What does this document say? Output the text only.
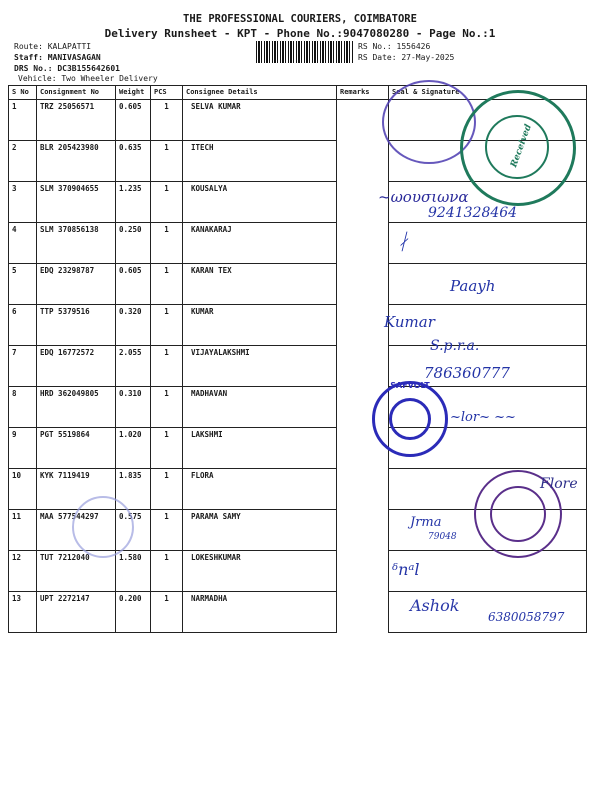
THE PROFESSIONAL COURIERS, COIMBATORE
Delivery Runsheet - KPT - Phone No.:9047080280 - Page No.:1
Route: KALAPATTI
Staff: MANIVASAGAN
DRS No.: DC3B155642601
Vehicle: Two Wheeler Delivery
RS No.: 1556426
RS Date: 27-May-2025
S No	Consignment No	Weight	PCS	Consignee Details	Remarks	Seal & Signature
1	TRZ 25056571	0.605	1	SELVA KUMAR		
2	BLR 205423980	0.635	1	ITECH		
3	SLM 370904655	1.235	1	KOUSALYA		
4	SLM 370856138	0.250	1	KANAKARAJ		
5	EDQ 23298787	0.605	1	KARAN TEX		
6	TTP 5379516	0.320	1	KUMAR		
7	EDQ 16772572	2.055	1	VIJAYALAKSHMI		
8	HRD 362049805	0.310	1	MADHAVAN		
9	PGT 5519864	1.020	1	LAKSHMI		
10	KYK 7119419	1.835	1	FLORA		
11	MAA 577544297	0.575	1	PARAMA SAMY		
12	TUT 7212040	1.580	1	LOKESHKUMAR		
13	UPT 2272147	0.200	1	NARMADHA		
Received
SAFVOLT
~ωουσιωνα
9241328464
ᛅ
Paayh
Kumar
S.p.r.a.
786360777
~lor~ ~~
Flore
Jrma
79048
ᵟnᵃl
Ashok
6380058797
